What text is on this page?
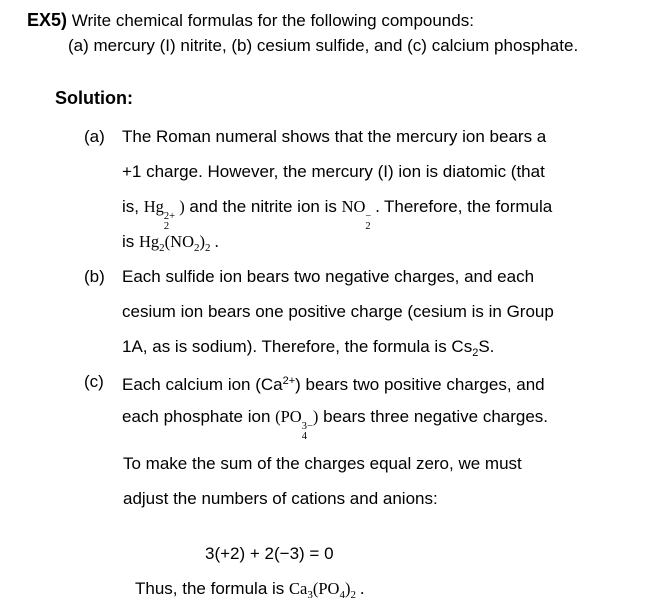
EX5) Write chemical formulas for the following compounds:
(a) mercury (I) nitrite, (b) cesium sulfide, and (c) calcium phosphate.
Solution:
(a)	The Roman numeral shows that the mercury ion bears a
+1 charge. However, the mercury (I) ion is diatomic (that
is, Hg
2+
2
) and the nitrite ion is NO
−
2
. Therefore, the formula
is $Hg_2(NO_2)_2$ .
(b)	Each sulfide ion bears two negative charges, and each
cesium ion bears one positive charge (cesium is in Group
1A, as is sodium). Therefore, the formula is $Cs_2S$.
(c)	Each calcium ion $(Ca^{2+})$ bears two positive charges, and
each phosphate ion (PO
3−
4
) bears three negative charges.
To make the sum of the charges equal zero, we must
adjust the numbers of cations and anions:
3(+2) + 2(−3) = 0
Thus, the formula is $Ca_3(PO_4)_2$ .
